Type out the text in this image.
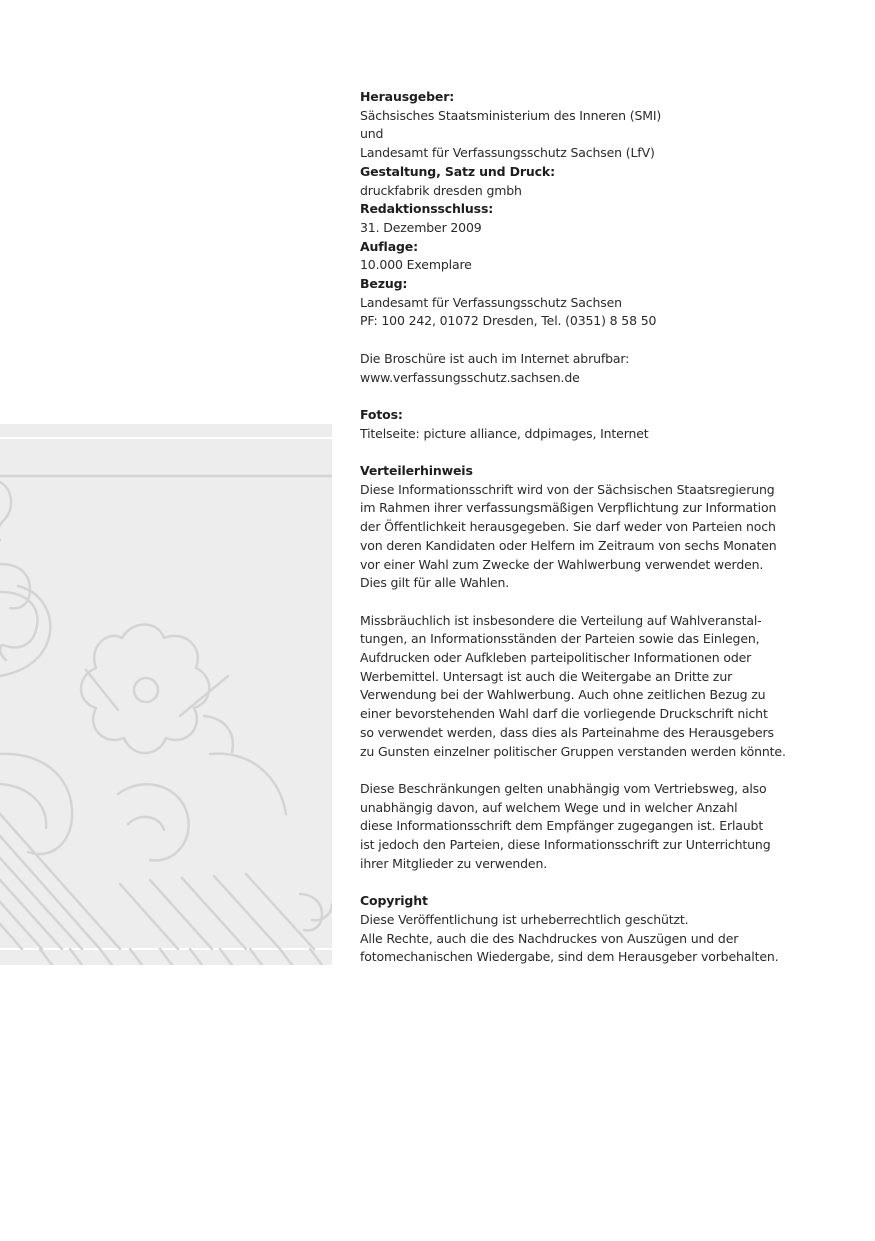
Herausgeber:

Sächsisches Staatsministerium des Inneren (SMI)

und

Landesamt für Verfassungsschutz Sachsen (LfV)

Gestaltung, Satz und Druck:

druckfabrik dresden gmbh

Redaktionsschluss:

31. Dezember 2009

Auflage:

10.000 Exemplare

Bezug:

Landesamt für Verfassungsschutz Sachsen

PF: 100 242, 01072 Dresden, Tel. (0351) 8 58 50

Die Broschüre ist auch im Internet abrufbar:

www.verfassungsschutz.sachsen.de

Fotos:

Titelseite: picture alliance, ddpimages, Internet

Verteilerhinweis

Diese Informationsschrift wird von der Sächsischen Staatsregierung

im Rahmen ihrer verfassungsmäßigen Verpflichtung zur Information

der Öffentlichkeit herausgegeben. Sie darf weder von Parteien noch

von deren Kandidaten oder Helfern im Zeitraum von sechs Monaten

vor einer Wahl zum Zwecke der Wahlwerbung verwendet werden.

Dies gilt für alle Wahlen.

Missbräuchlich ist insbesondere die Verteilung auf Wahlveranstal-

tungen, an Informationsständen der Parteien sowie das Einlegen,

Aufdrucken oder Aufkleben parteipolitischer Informationen oder

Werbemittel. Untersagt ist auch die Weitergabe an Dritte zur

Verwendung bei der Wahlwerbung. Auch ohne zeitlichen Bezug zu

einer bevorstehenden Wahl darf die vorliegende Druckschrift nicht

so verwendet werden, dass dies als Parteinahme des Herausgebers

zu Gunsten einzelner politischer Gruppen verstanden werden könnte.

Diese Beschränkungen gelten unabhängig vom Vertriebsweg, also

unabhängig davon, auf welchem Wege und in welcher Anzahl

diese Informationsschrift dem Empfänger zugegangen ist. Erlaubt

ist jedoch den Parteien, diese Informationsschrift zur Unterrichtung

ihrer Mitglieder zu verwenden.

Copyright

Diese Veröffentlichung ist urheberrechtlich geschützt.

Alle Rechte, auch die des Nachdruckes von Auszügen und der

fotomechanischen Wiedergabe, sind dem Herausgeber vorbehalten.
